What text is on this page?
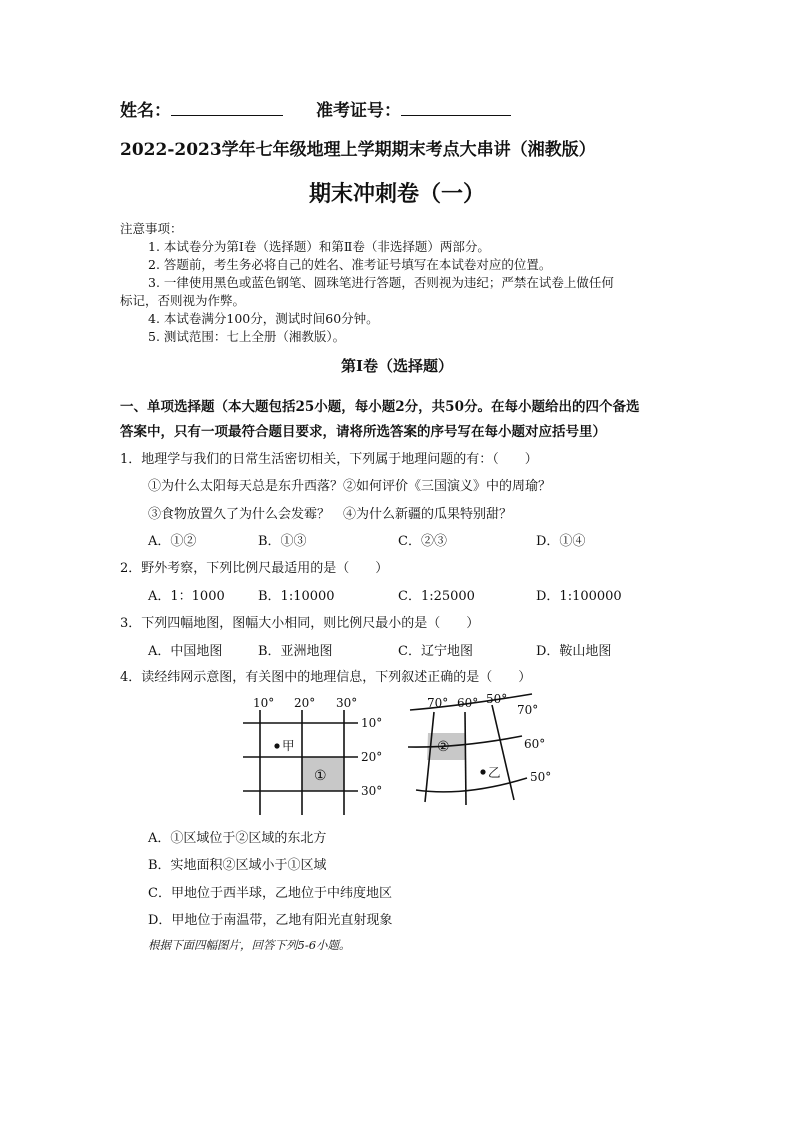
姓名：	准考证号：
2022-2023学年七年级地理上学期期末考点大串讲（湘教版）
期末冲刺卷（一）
注意事项：
1. 本试卷分为第Ⅰ卷（选择题）和第Ⅱ卷（非选择题）两部分。
2. 答题前，考生务必将自己的姓名、准考证号填写在本试卷对应的位置。
3. 一律使用黑色或蓝色钢笔、圆珠笔进行答题，否则视为违纪；严禁在试卷上做任何
标记，否则视为作弊。
4. 本试卷满分100分，测试时间60分钟。
5. 测试范围：七上全册（湘教版）。
第Ⅰ卷（选择题）
一、单项选择题（本大题包括25小题，每小题2分，共50分。在每小题给出的四个备选
答案中，只有一项最符合题目要求，请将所选答案的序号写在每小题对应括号里）
1．地理学与我们的日常生活密切相关，下列属于地理问题的有：（　　）
①为什么太阳每天总是东升西落？②如何评价《三国演义》中的周瑜？
③食物放置久了为什么会发霉？　④为什么新疆的瓜果特别甜？
A．①②	B．①③	C．②③	D．①④
2．野外考察，下列比例尺最适用的是（　　）
A．1：1000	B．1:10000	C．1:25000	D．1:100000
3．下列四幅地图，图幅大小相同，则比例尺最小的是（　　）
A．中国地图	B．亚洲地图	C．辽宁地图	D．鞍山地图
4．读经纬网示意图，有关图中的地理信息，下列叙述正确的是（　　）
10° 20° 30°
10°
20°
30°
甲
①
70° 60° 50°
70°
60°
50°
乙
②
A．①区域位于②区域的东北方
B．实地面积②区域小于①区域
C．甲地位于西半球，乙地位于中纬度地区
D．甲地位于南温带，乙地有阳光直射现象
根据下面四幅图片，回答下列5-6小题。
